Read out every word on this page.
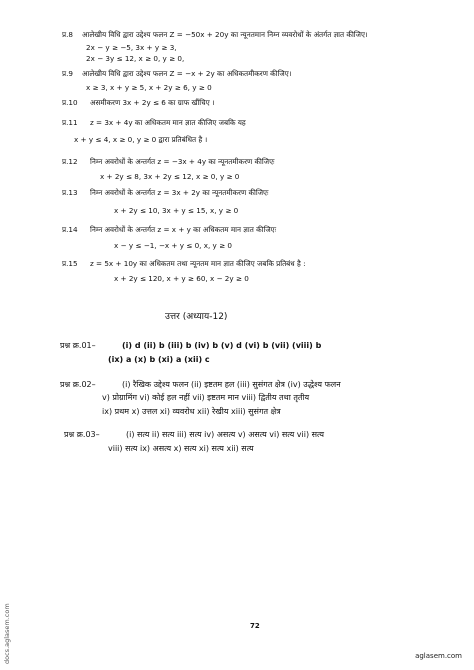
प्र.8 आलेखीय विधि द्वारा उद्देश्य फलन Z = −50x + 20y का न्यूनतमान निम्न व्यवरोधों के अंतर्गत ज्ञात कीजिए।
2x − y ≥ −5, 3x + y ≥ 3,
2x − 3y ≤ 12, x ≥ 0, y ≥ 0,
प्र.9 आलेखीय विधि द्वारा उद्देश्य फलन Z = −x + 2y का अधिकतमीकरण कीजिए।
x ≥ 3, x + y ≥ 5, x + 2y ≥ 6, y ≥ 0
प्र.10 असमीकरण 3x + 2y ≤ 6 का ग्राफ खींचिए ।
प्र.11 z = 3x + 4y का अधिकतम मान ज्ञात कीजिए जबकि यह
x + y ≤ 4, x ≥ 0, y ≥ 0 द्वारा प्रतिबंधित है ।
प्र.12 निम्न अवरोधों के अन्तर्गत z = −3x + 4y का न्यूनतमीकरण कीजिएः
x + 2y ≤ 8, 3x + 2y ≤ 12, x ≥ 0, y ≥ 0
प्र.13 निम्न अवरोधों के अन्तर्गत z = 3x + 2y का न्यूनतमीकरण कीजिएः
x + 2y ≤ 10, 3x + y ≤ 15, x, y ≥ 0
प्र.14 निम्न अवरोधों के अन्तर्गत z = x + y का अधिकतम मान ज्ञात कीजिएः
x − y ≤ −1, −x + y ≤ 0, x, y ≥ 0
प्र.15 z = 5x + 10y का अधिकतम तथा न्यूनतम मान ज्ञात कीजिए जबकि प्रतिबंध है :
x + 2y ≤ 120, x + y ≥ 60, x − 2y ≥ 0
उत्तर (अध्याय-12)
प्रश्न क्र.01–	(i) d (ii) b (iii) b (iv) b (v) d (vi) b (vii) (viii) b
(ix) a (x) b (xi) a (xii) c
प्रश्न क्र.02–	(i) रैखिक उद्देश्य फलन (ii) इष्टतम हल (iii) सुसंगत क्षेत्र (iv) उद्धेश्य फलन
v) प्रोग्रामिंग vi) कोई हल नहीं vii) इष्टतम मान viii) द्वितीय तथा तृतीय
ix) प्रथम x) उत्तल xi) व्यवरोध xii) रेखीय xiii) सुसंगत क्षेत्र
प्रश्न क्र.03–	(i) सत्य ii) सत्य iii) सत्य iv) असत्य v) असत्य vi) सत्य vii) सत्य
viii) सत्य ix) असत्य x) सत्य xi) सत्य xii) सत्य
72
docs.aglasem.com	aglasem.com
